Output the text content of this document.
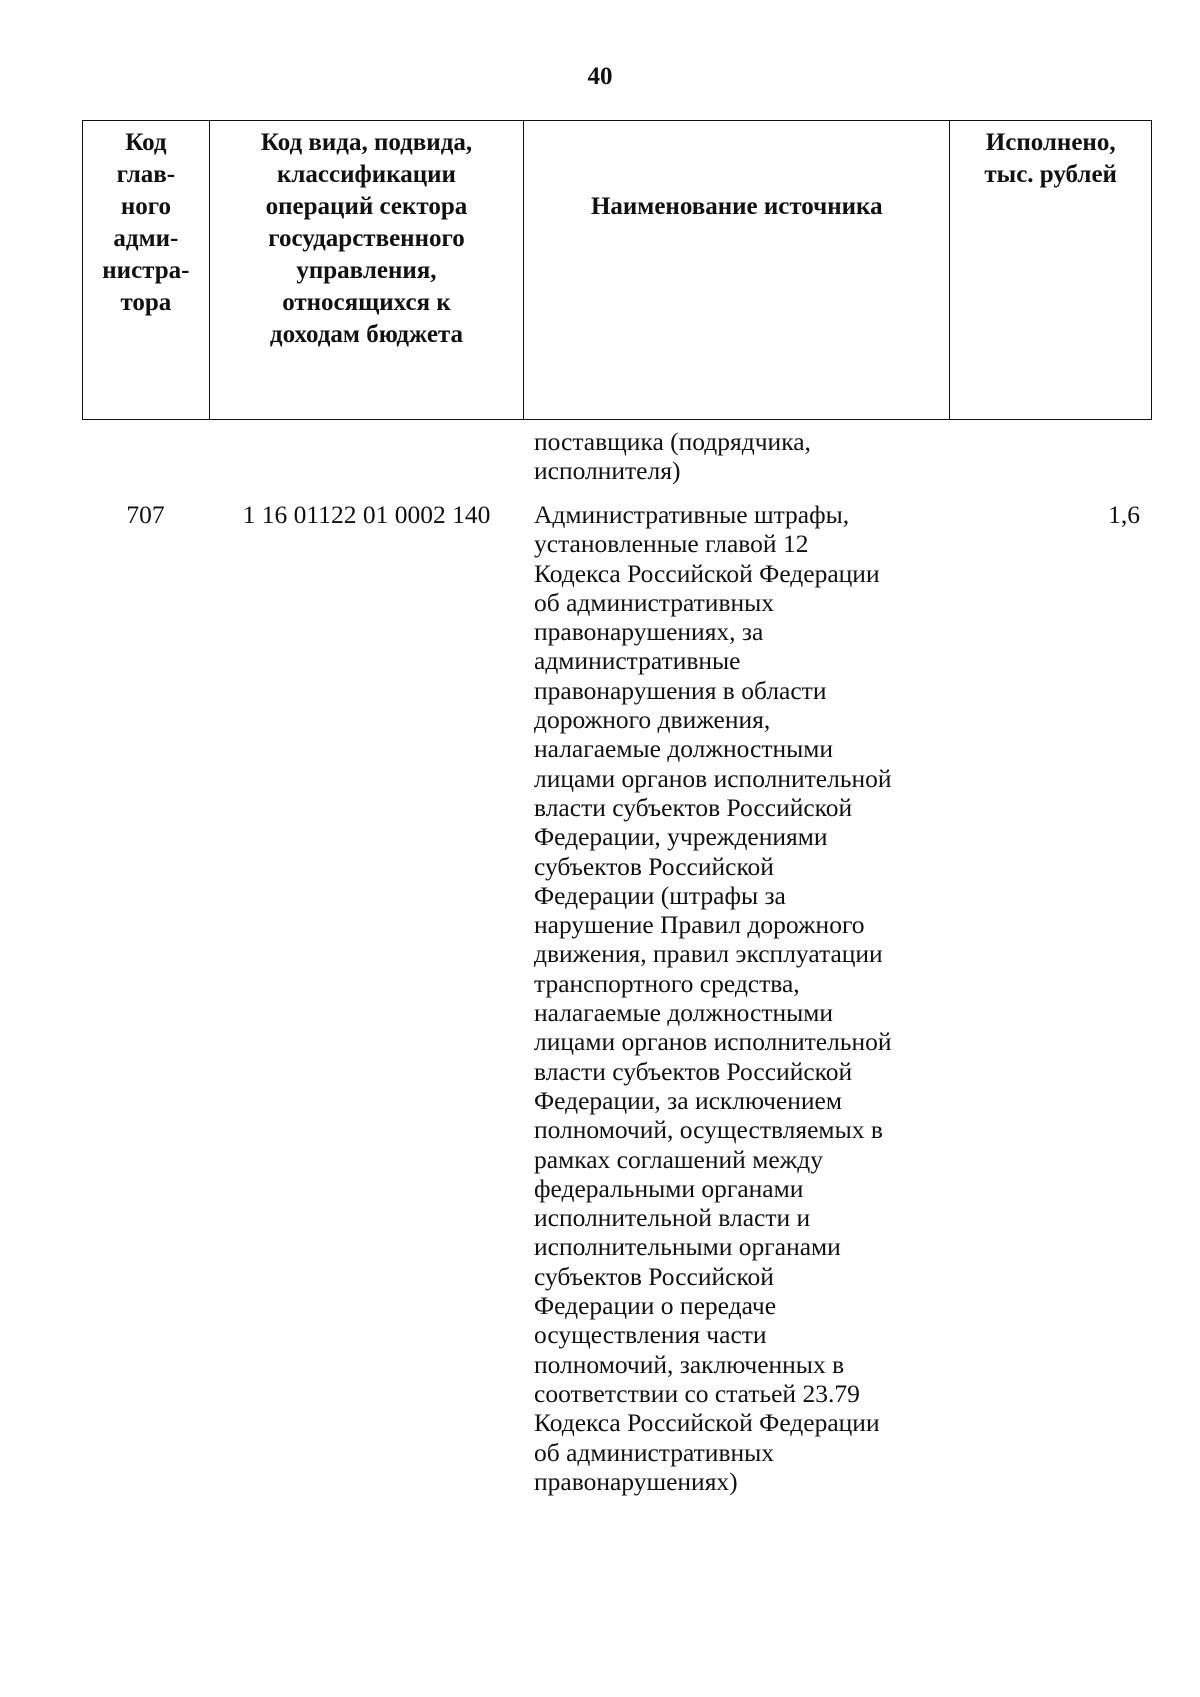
40
Код
глав-
ного
адми-
нистра-
тора
Код вида, подвида,
классификации
операций сектора
государственного
управления,
относящихся к
доходам бюджета
Наименование источника
Исполнено,
тыс. рублей
поставщика (подрядчика,
исполнителя)
707	1 16 01122 01 0002 140	1,6
Административные штрафы,
установленные главой 12
Кодекса Российской Федерации
об административных
правонарушениях, за
административные
правонарушения в области
дорожного движения,
налагаемые должностными
лицами органов исполнительной
власти субъектов Российской
Федерации, учреждениями
субъектов Российской
Федерации (штрафы за
нарушение Правил дорожного
движения, правил эксплуатации
транспортного средства,
налагаемые должностными
лицами органов исполнительной
власти субъектов Российской
Федерации, за исключением
полномочий, осуществляемых в
рамках соглашений между
федеральными органами
исполнительной власти и
исполнительными органами
субъектов Российской
Федерации о передаче
осуществления части
полномочий, заключенных в
соответствии со статьей 23.79
Кодекса Российской Федерации
об административных
правонарушениях)
